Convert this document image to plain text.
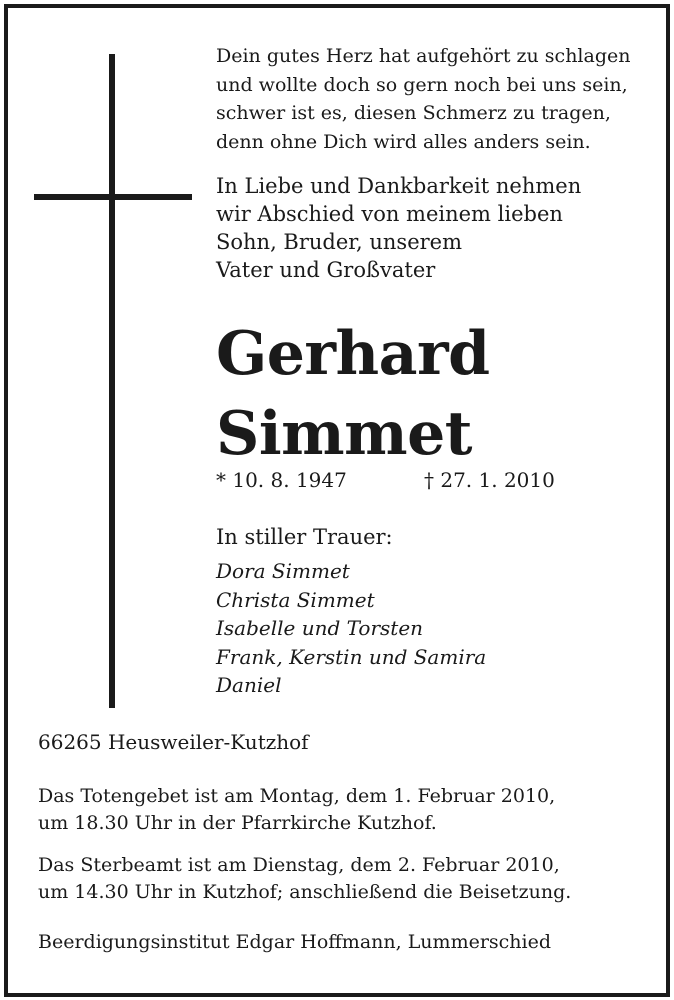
Dein gutes Herz hat aufgehört zu schlagen
und wollte doch so gern noch bei uns sein,
schwer ist es, diesen Schmerz zu tragen,
denn ohne Dich wird alles anders sein.

In Liebe und Dankbarkeit nehmen
wir Abschied von meinem lieben
Sohn, Bruder, unserem
Vater und Großvater

Gerhard
Simmet
* 10. 8. 1947	† 27. 1. 2010

In stiller Trauer:

Dora Simmet
Christa Simmet
Isabelle und Torsten
Frank, Kerstin und Samira
Daniel

66265 Heusweiler-Kutzhof

Das Totengebet ist am Montag, dem 1. Februar 2010,
um 18.30 Uhr in der Pfarrkirche Kutzhof.

Das Sterbeamt ist am Dienstag, dem 2. Februar 2010,
um 14.30 Uhr in Kutzhof; anschließend die Beisetzung.

Beerdigungsinstitut Edgar Hoffmann, Lummerschied
